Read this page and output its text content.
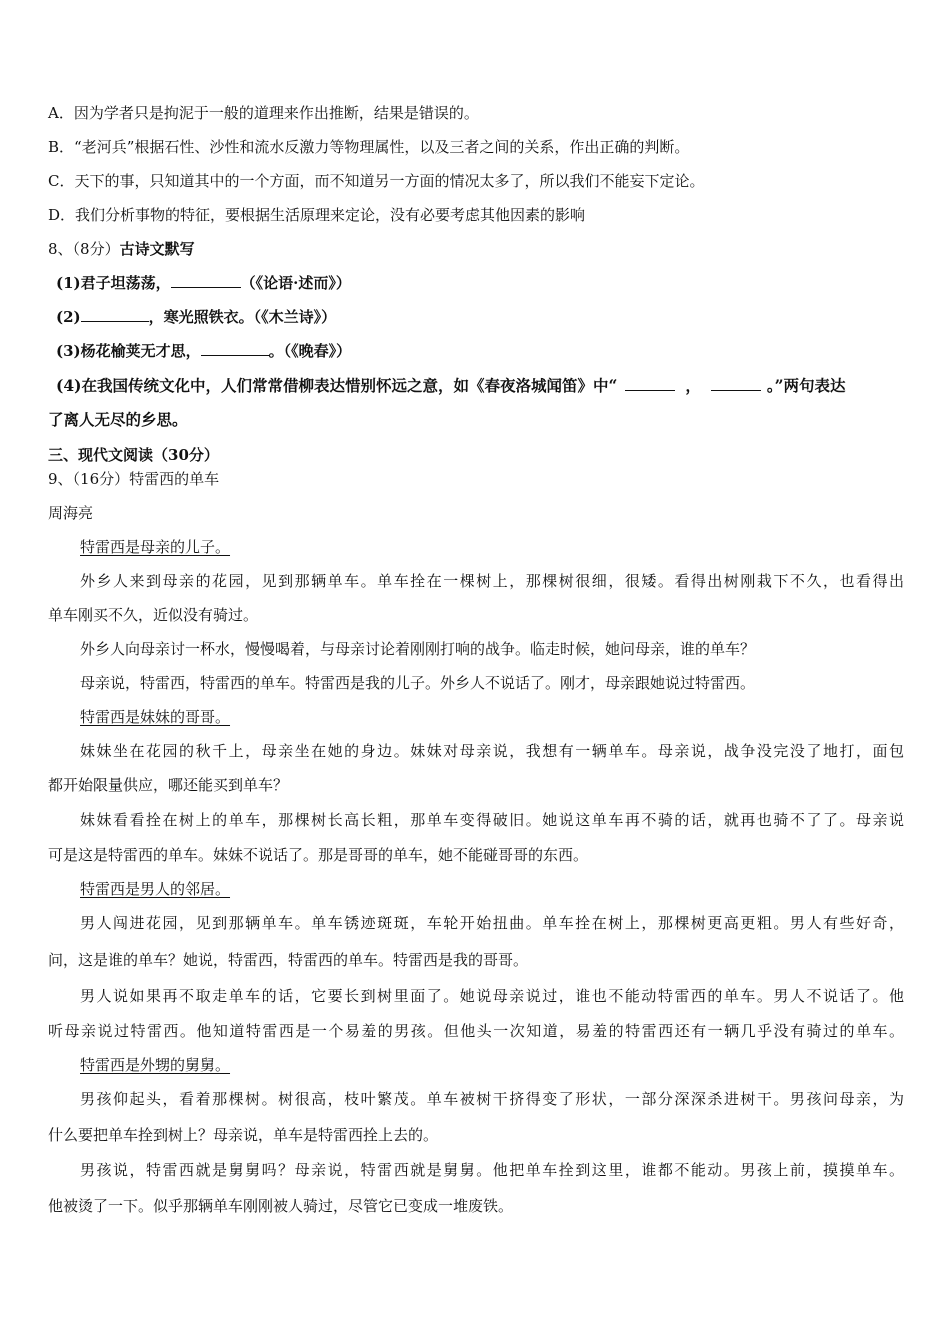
A．因为学者只是拘泥于一般的道理来作出推断，结果是错误的。
B．“老河兵”根据石性、沙性和流水反激力等物理属性，以及三者之间的关系，作出正确的判断。
C．天下的事，只知道其中的一个方面，而不知道另一方面的情况太多了，所以我们不能妄下定论。
D．我们分析事物的特征，要根据生活原理来定论，没有必要考虑其他因素的影响
8、（8分）古诗文默写
(1)君子坦荡荡，	（《论语·述而》）
(2)	，寒光照铁衣。（《木兰诗》）
(3)杨花榆荚无才思，	。（《晚春》）
(4)在我国传统文化中，人们常常借柳表达惜别怀远之意，如《春夜洛城闻笛》中“	，	。”两句表达
了离人无尽的乡思。
三、现代文阅读（30分）
9、（16分）特雷西的单车
周海亮
特雷西是母亲的儿子。
外乡人来到母亲的花园，见到那辆单车。单车拴在一棵树上，那棵树很细，很矮。看得出树刚栽下不久，也看得出
单车刚买不久，近似没有骑过。
外乡人向母亲讨一杯水，慢慢喝着，与母亲讨论着刚刚打响的战争。临走时候，她问母亲，谁的单车？
母亲说，特雷西，特雷西的单车。特雷西是我的儿子。外乡人不说话了。刚才，母亲跟她说过特雷西。
特雷西是妹妹的哥哥。
妹妹坐在花园的秋千上，母亲坐在她的身边。妹妹对母亲说，我想有一辆单车。母亲说，战争没完没了地打，面包
都开始限量供应，哪还能买到单车？
妹妹看看拴在树上的单车，那棵树长高长粗，那单车变得破旧。她说这单车再不骑的话，就再也骑不了了。母亲说
可是这是特雷西的单车。妹妹不说话了。那是哥哥的单车，她不能碰哥哥的东西。
特雷西是男人的邻居。
男人闯进花园，见到那辆单车。单车锈迹斑斑，车轮开始扭曲。单车拴在树上，那棵树更高更粗。男人有些好奇，
问，这是谁的单车？她说，特雷西，特雷西的单车。特雷西是我的哥哥。
男人说如果再不取走单车的话，它要长到树里面了。她说母亲说过，谁也不能动特雷西的单车。男人不说话了。他
听母亲说过特雷西。他知道特雷西是一个易羞的男孩。但他头一次知道，易羞的特雷西还有一辆几乎没有骑过的单车。
特雷西是外甥的舅舅。
男孩仰起头，看着那棵树。树很高，枝叶繁茂。单车被树干挤得变了形状，一部分深深杀进树干。男孩问母亲，为
什么要把单车拴到树上？母亲说，单车是特雷西拴上去的。
男孩说，特雷西就是舅舅吗？母亲说，特雷西就是舅舅。他把单车拴到这里，谁都不能动。男孩上前，摸摸单车。
他被烫了一下。似乎那辆单车刚刚被人骑过，尽管它已变成一堆废铁。
